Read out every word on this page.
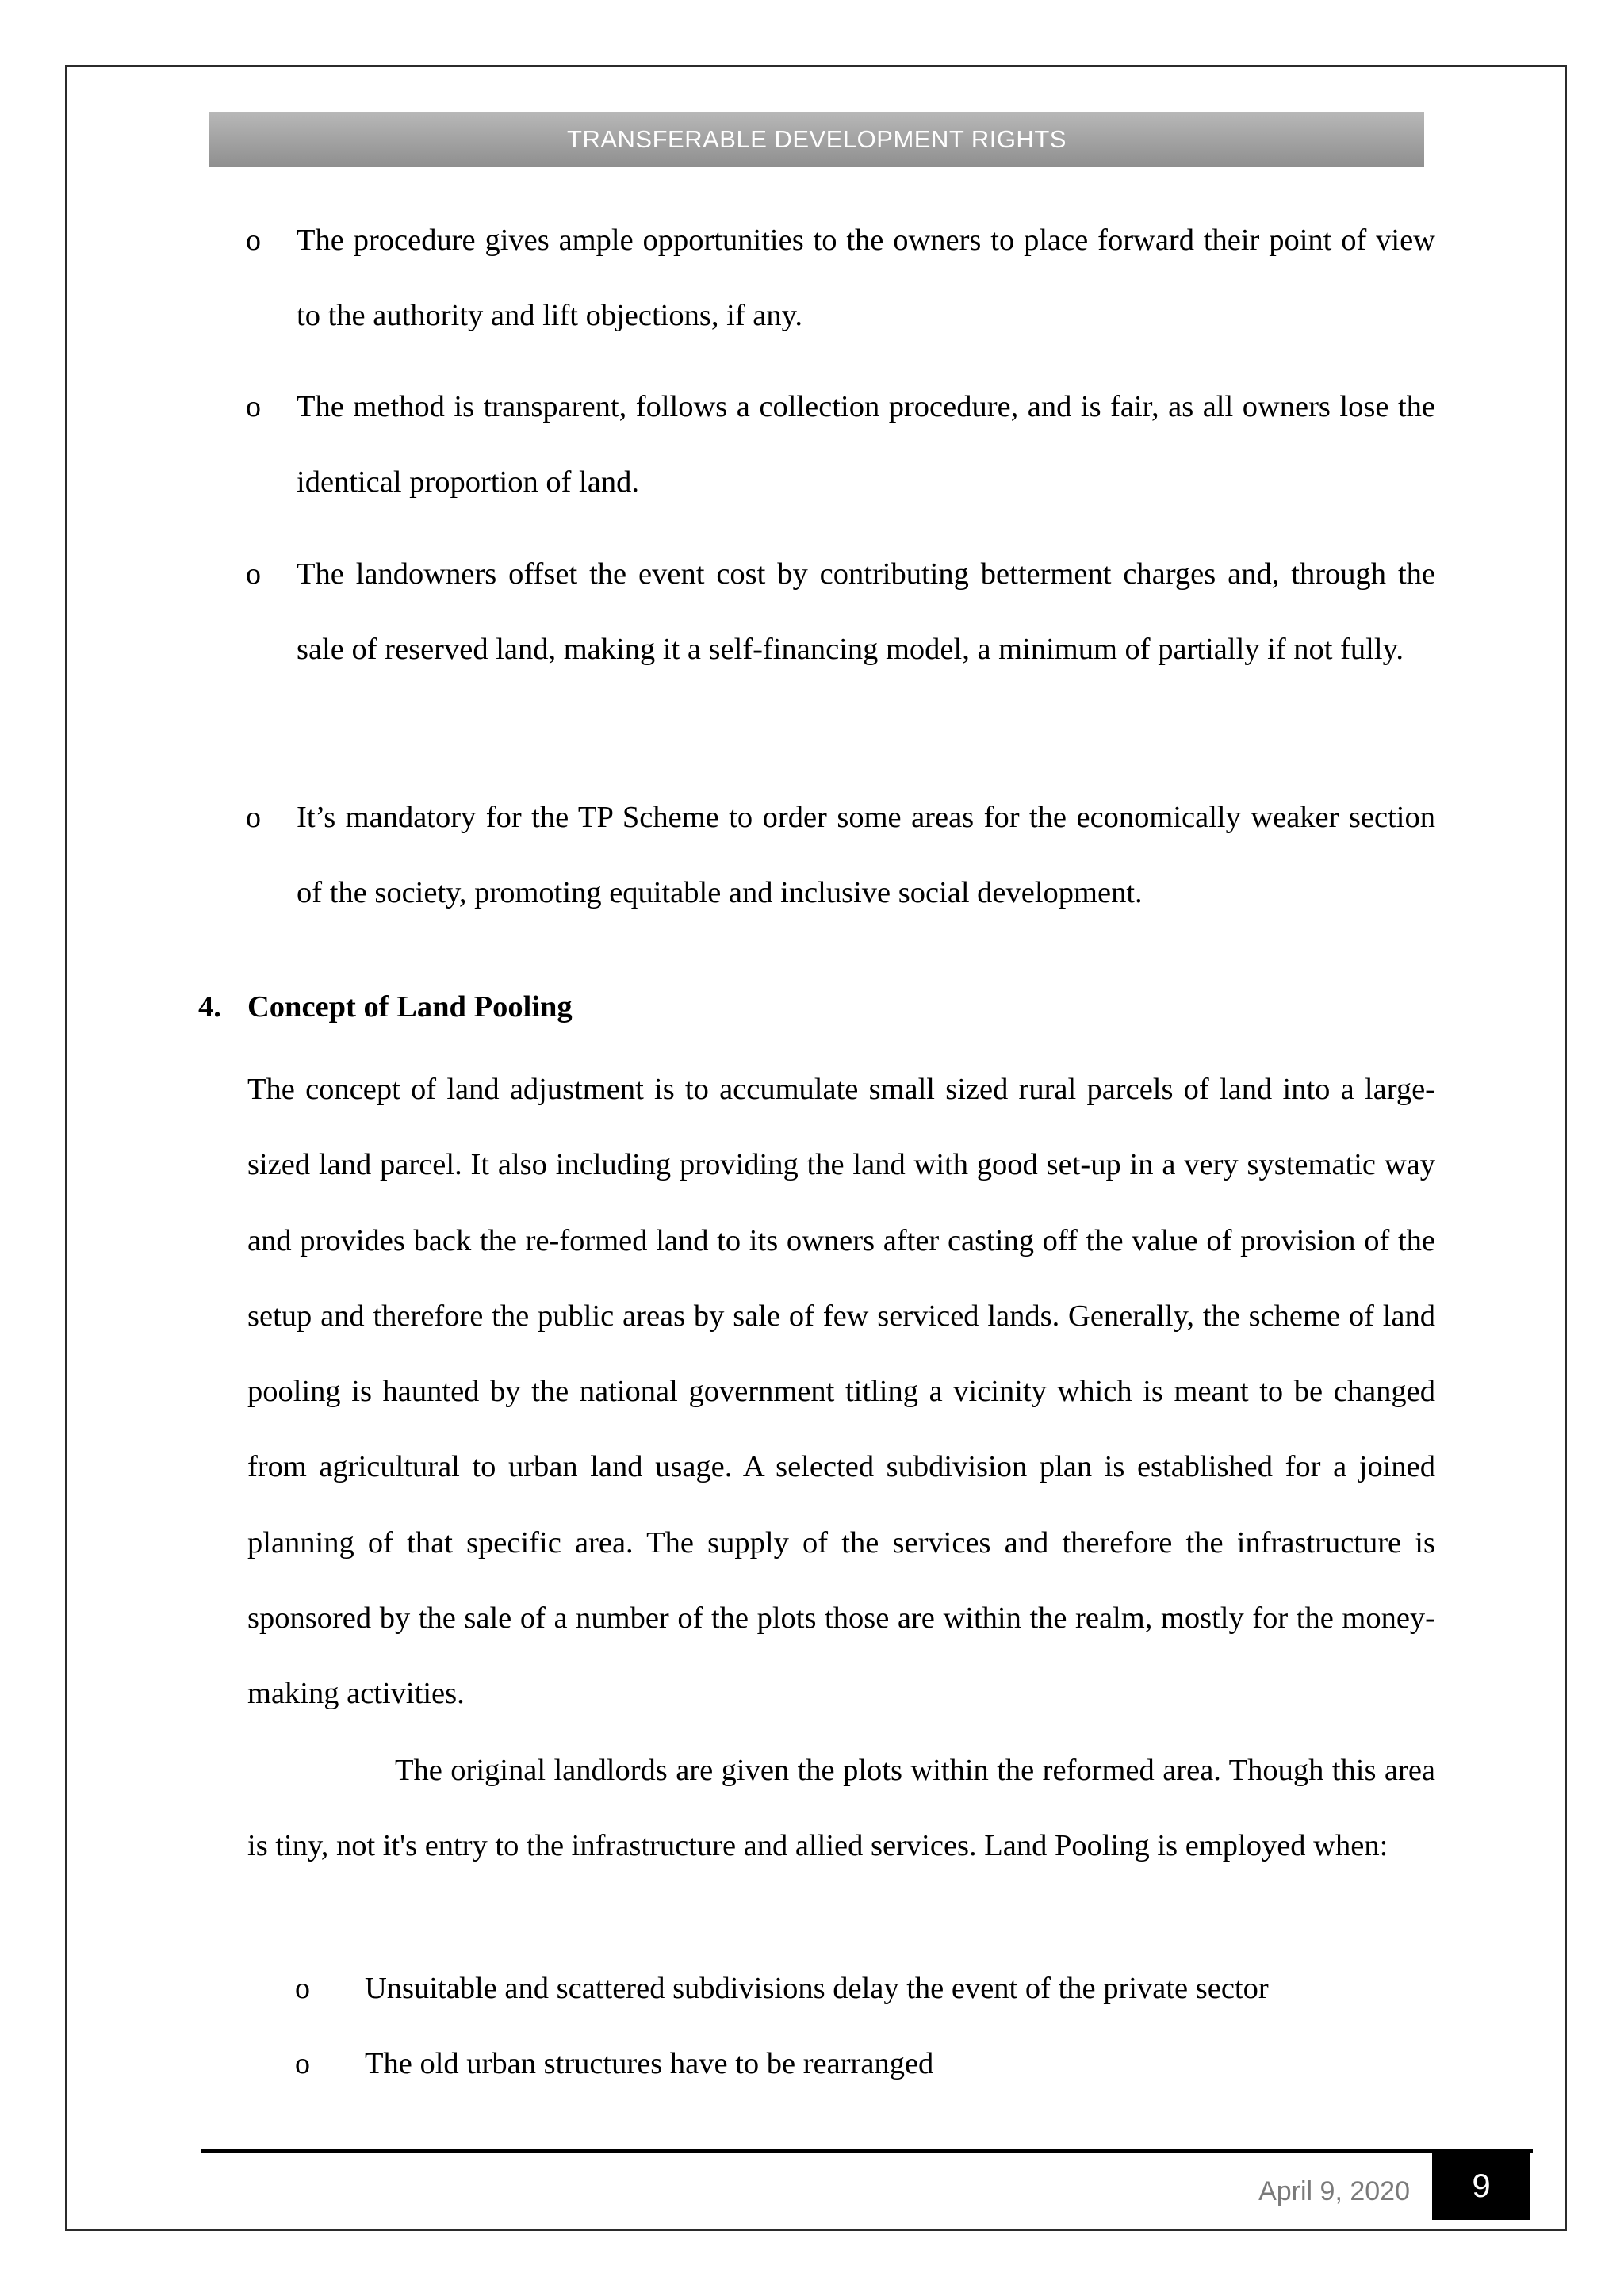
TRANSFERABLE DEVELOPMENT RIGHTS
o The procedure gives ample opportunities to the owners to place forward their point of view to the authority and lift objections, if any.
o The method is transparent, follows a collection procedure, and is fair, as all owners lose the identical proportion of land.
o The landowners offset the event cost by contributing betterment charges and, through the sale of reserved land, making it a self-financing model, a minimum of partially if not fully.
o It’s mandatory for the TP Scheme to order some areas for the economically weaker section of the society, promoting equitable and inclusive social development.
4. Concept of Land Pooling
The concept of land adjustment is to accumulate small sized rural parcels of land into a large-sized land parcel. It also including providing the land with good set-up in a very systematic way and provides back the re-formed land to its owners after casting off the value of provision of the setup and therefore the public areas by sale of few serviced lands. Generally, the scheme of land pooling is haunted by the national government titling a vicinity which is meant to be changed from agricultural to urban land usage. A selected subdivision plan is established for a joined planning of that specific area. The supply of the services and therefore the infrastructure is sponsored by the sale of a number of the plots those are within the realm, mostly for the money-making activities.
The original landlords are given the plots within the reformed area. Though this area is tiny, not it's entry to the infrastructure and allied services. Land Pooling is employed when:
o Unsuitable and scattered subdivisions delay the event of the private sector
o The old urban structures have to be rearranged
April 9, 2020	9
